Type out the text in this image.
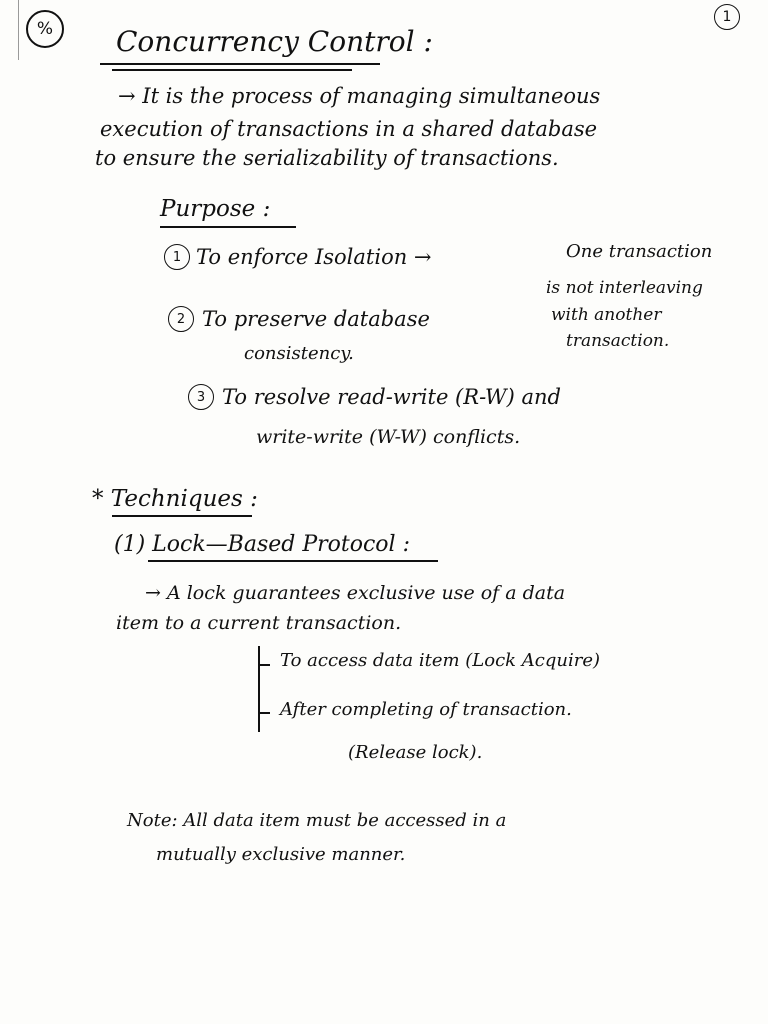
%
1
Concurrency Control :
→ It is the process of managing simultaneous
execution of transactions in a shared database
to ensure the serializability of transactions.
Purpose :
1 To enforce Isolation →	One transaction
is not interleaving
with another
transaction.
2 To preserve database
consistency.
3 To resolve read-write (R-W) and
write-write (W-W) conflicts.
* Techniques :
(1) Lock—Based Protocol :
→ A lock guarantees exclusive use of a data
item to a current transaction.
To access data item (Lock Acquire)
After completing of transaction.
(Release lock).
Note: All data item must be accessed in a
mutually exclusive manner.
